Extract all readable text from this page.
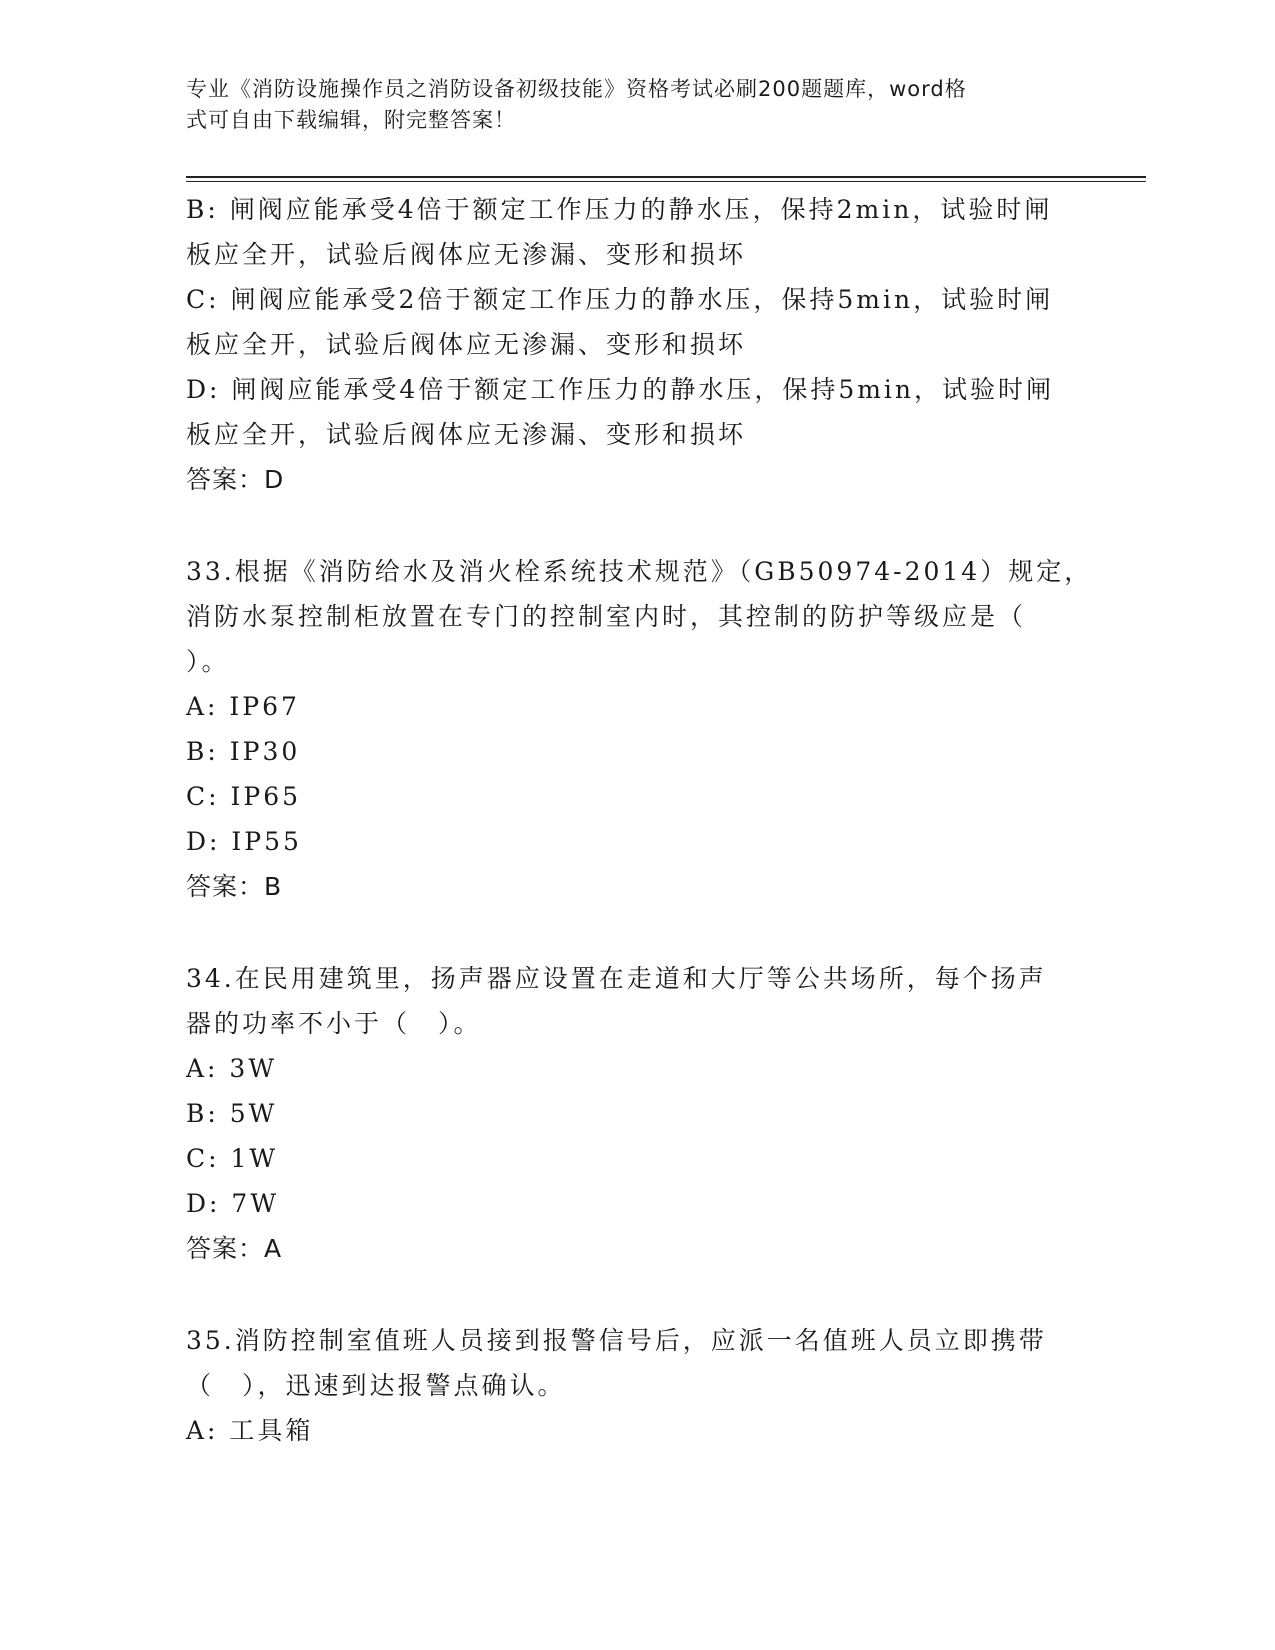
专业《消防设施操作员之消防设备初级技能》资格考试必刷200题题库，word格
式可自由下载编辑，附完整答案！
B: 闸阀应能承受4倍于额定工作压力的静水压，保持2min，试验时闸
板应全开，试验后阀体应无渗漏、变形和损坏
C: 闸阀应能承受2倍于额定工作压力的静水压，保持5min，试验时闸
板应全开，试验后阀体应无渗漏、变形和损坏
D: 闸阀应能承受4倍于额定工作压力的静水压，保持5min，试验时闸
板应全开，试验后阀体应无渗漏、变形和损坏
答案：D
33.根据《消防给水及消火栓系统技术规范》（GB50974-2014）规定，
消防水泵控制柜放置在专门的控制室内时，其控制的防护等级应是（
）。
A: IP67
B: IP30
C: IP65
D: IP55
答案：B
34.在民用建筑里，扬声器应设置在走道和大厅等公共场所，每个扬声
器的功率不小于（　）。
A: 3W
B: 5W
C: 1W
D: 7W
答案：A
35.消防控制室值班人员接到报警信号后，应派一名值班人员立即携带
（　），迅速到达报警点确认。
A: 工具箱
